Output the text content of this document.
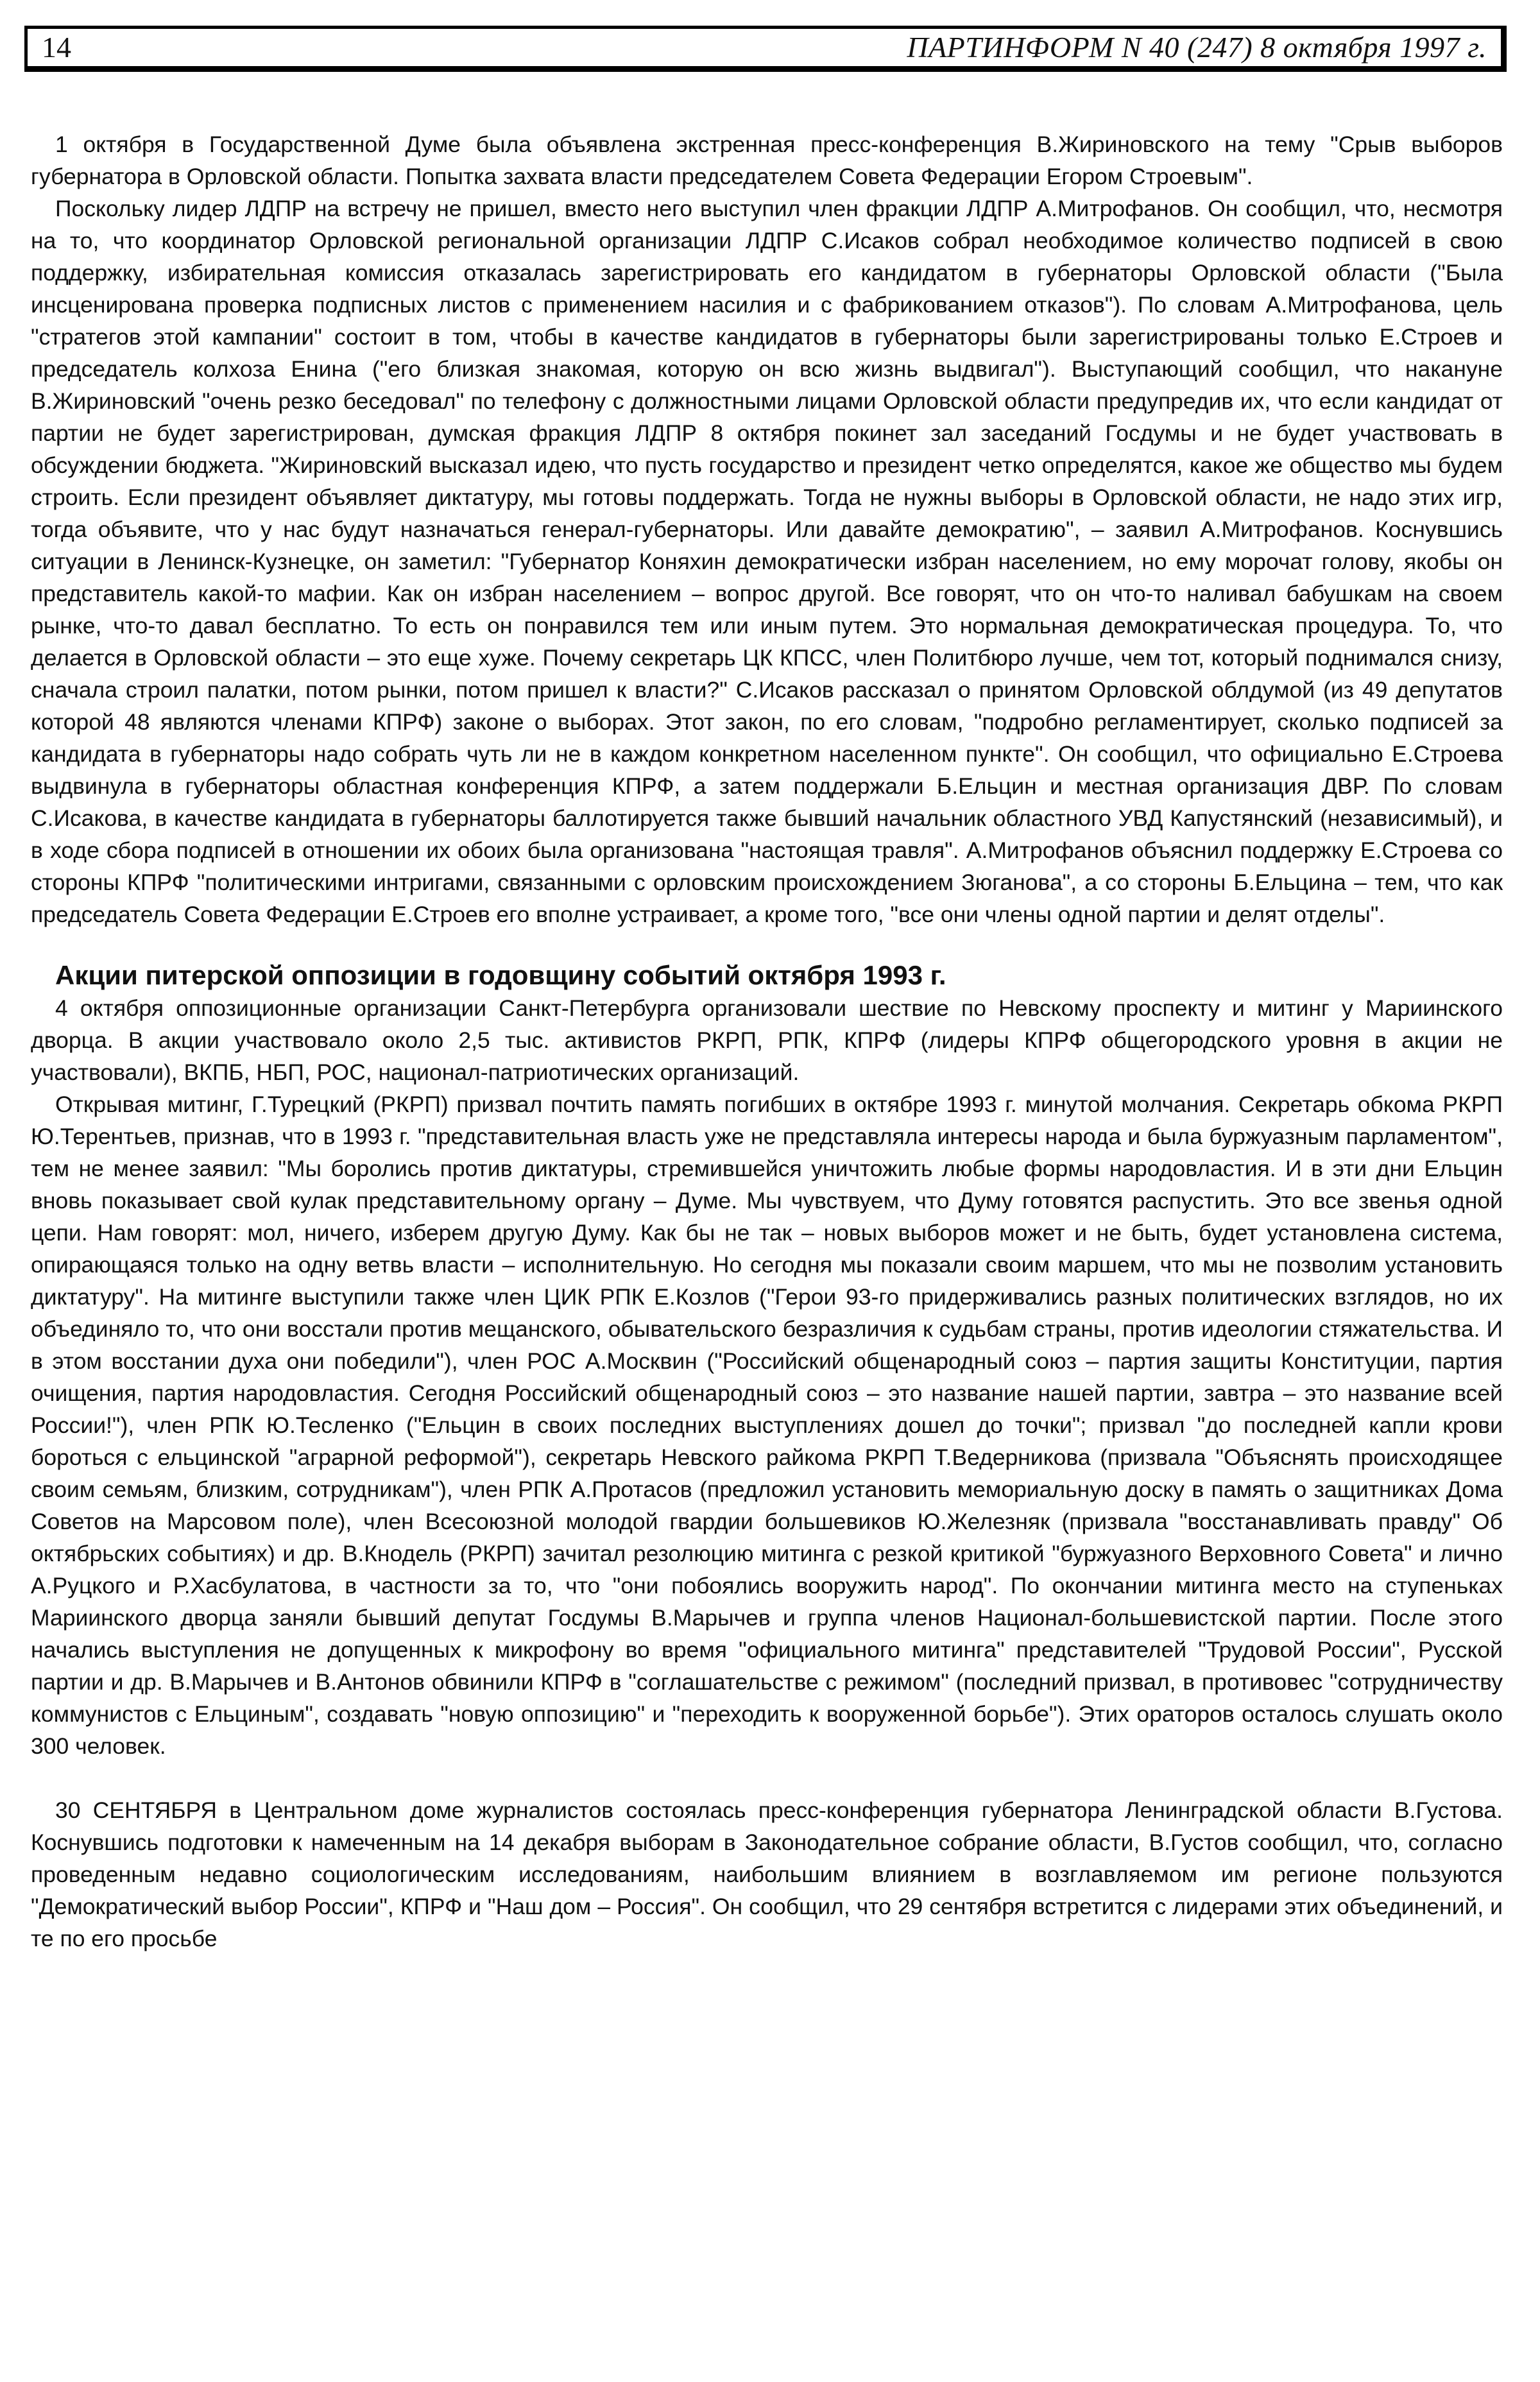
14	ПАРТИНФОРМ N 40 (247) 8 октября 1997 г.

1 октября в Государственной Думе была объявлена экстренная пресс-конференция В.Жириновского на тему "Срыв выборов губернатора в Орловской области. Попытка захвата власти председателем Совета Федерации Егором Строевым".

Поскольку лидер ЛДПР на встречу не пришел, вместо него выступил член фракции ЛДПР А.Митрофанов. Он сообщил, что, несмотря на то, что координатор Орловской региональной организации ЛДПР С.Исаков собрал необходимое количество подписей в свою поддержку, избирательная комиссия отказалась зарегистрировать его кандидатом в губернаторы Орловской области ("Была инсценирована проверка подписных листов с применением насилия и с фабрикованием отказов"). По словам А.Митрофанова, цель "стратегов этой кампании" состоит в том, чтобы в качестве кандидатов в губернаторы были зарегистрированы только Е.Строев и председатель колхоза Енина ("его близкая знакомая, которую он всю жизнь выдвигал"). Выступающий сообщил, что накануне В.Жириновский "очень резко беседовал" по телефону с должностными лицами Орловской области предупредив их, что если кандидат от партии не будет зарегистрирован, думская фракция ЛДПР 8 октября покинет зал заседаний Госдумы и не будет участвовать в обсуждении бюджета. "Жириновский высказал идею, что пусть государство и президент четко определятся, какое же общество мы будем строить. Если президент объявляет диктатуру, мы готовы поддержать. Тогда не нужны выборы в Орловской области, не надо этих игр, тогда объявите, что у нас будут назначаться генерал-губернаторы. Или давайте демократию", – заявил А.Митрофанов. Коснувшись ситуации в Ленинск-Кузнецке, он заметил: "Губернатор Коняхин демократически избран населением, но ему морочат голову, якобы он представитель какой-то мафии. Как он избран населением – вопрос другой. Все говорят, что он что-то наливал бабушкам на своем рынке, что-то давал бесплатно. То есть он понравился тем или иным путем. Это нормальная демократическая процедура. То, что делается в Орловской области – это еще хуже. Почему секретарь ЦК КПСС, член Политбюро лучше, чем тот, который поднимался снизу, сначала строил палатки, потом рынки, потом пришел к власти?" С.Исаков рассказал о принятом Орловской облдумой (из 49 депутатов которой 48 являются членами КПРФ) законе о выборах. Этот закон, по его словам, "подробно регламентирует, сколько подписей за кандидата в губернаторы надо собрать чуть ли не в каждом конкретном населенном пункте". Он сообщил, что официально Е.Строева выдвинула в губернаторы областная конференция КПРФ, а затем поддержали Б.Ельцин и местная организация ДВР. По словам С.Исакова, в качестве кандидата в губернаторы баллотируется также бывший начальник областного УВД Капустянский (независимый), и в ходе сбора подписей в отношении их обоих была организована "настоящая травля". А.Митрофанов объяснил поддержку Е.Строева со стороны КПРФ "политическими интригами, связанными с орловским происхождением Зюганова", а со стороны Б.Ельцина – тем, что как председатель Совета Федерации Е.Строев его вполне устраивает, а кроме того, "все они члены одной партии и делят отделы".

Акции питерской оппозиции в годовщину событий октября 1993 г.

4 октября оппозиционные организации Санкт-Петербурга организовали шествие по Невскому проспекту и митинг у Мариинского дворца. В акции участвовало около 2,5 тыс. активистов РКРП, РПК, КПРФ (лидеры КПРФ общегородского уровня в акции не участвовали), ВКПБ, НБП, РОС, национал-патриотических организаций.

Открывая митинг, Г.Турецкий (РКРП) призвал почтить память погибших в октябре 1993 г. минутой молчания. Секретарь обкома РКРП Ю.Терентьев, признав, что в 1993 г. "представительная власть уже не представляла интересы народа и была буржуазным парламентом", тем не менее заявил: "Мы боролись против диктатуры, стремившейся уничтожить любые формы народовластия. И в эти дни Ельцин вновь показывает свой кулак представительному органу – Думе. Мы чувствуем, что Думу готовятся распустить. Это все звенья одной цепи. Нам говорят: мол, ничего, изберем другую Думу. Как бы не так – новых выборов может и не быть, будет установлена система, опирающаяся только на одну ветвь власти – исполнительную. Но сегодня мы показали своим маршем, что мы не позволим установить диктатуру". На митинге выступили также член ЦИК РПК Е.Козлов ("Герои 93-го придерживались разных политических взглядов, но их объединяло то, что они восстали против мещанского, обывательского безразличия к судьбам страны, против идеологии стяжательства. И в этом восстании духа они победили"), член РОС А.Москвин ("Российский общенародный союз – партия защиты Конституции, партия очищения, партия народовластия. Сегодня Российский общенародный союз – это название нашей партии, завтра – это название всей России!"), член РПК Ю.Тесленко ("Ельцин в своих последних выступлениях дошел до точки"; призвал "до последней капли крови бороться с ельцинской "аграрной реформой"), секретарь Невского райкома РКРП Т.Ведерникова (призвала "Объяснять происходящее своим семьям, близким, сотрудникам"), член РПК А.Протасов (предложил установить мемориальную доску в память о защитниках Дома Советов на Марсовом поле), член Всесоюзной молодой гвардии большевиков Ю.Железняк (призвала "восстанавливать правду" Об октябрьских событиях) и др. В.Кнодель (РКРП) зачитал резолюцию митинга с резкой критикой "буржуазного Верховного Совета" и лично А.Руцкого и Р.Хасбулатова, в частности за то, что "они побоялись вооружить народ". По окончании митинга место на ступеньках Мариинского дворца заняли бывший депутат Госдумы В.Марычев и группа членов Национал-большевистской партии. После этого начались выступления не допущенных к микрофону во время "официального митинга" представителей "Трудовой России", Русской партии и др. В.Марычев и В.Антонов обвинили КПРФ в "соглашательстве с режимом" (последний призвал, в противовес "сотрудничеству коммунистов с Ельциным", создавать "новую оппозицию" и "переходить к вооруженной борьбе"). Этих ораторов осталось слушать около 300 человек.

30 СЕНТЯБРЯ в Центральном доме журналистов состоялась пресс-конференция губернатора Ленинградской области В.Густова. Коснувшись подготовки к намеченным на 14 декабря выборам в Законодательное собрание области, В.Густов сообщил, что, согласно проведенным недавно социологическим исследованиям, наибольшим влиянием в возглавляемом им регионе пользуются "Демократический выбор России", КПРФ и "Наш дом – Россия". Он сообщил, что 29 сентября встретится с лидерами этих объединений, и те по его просьбе
